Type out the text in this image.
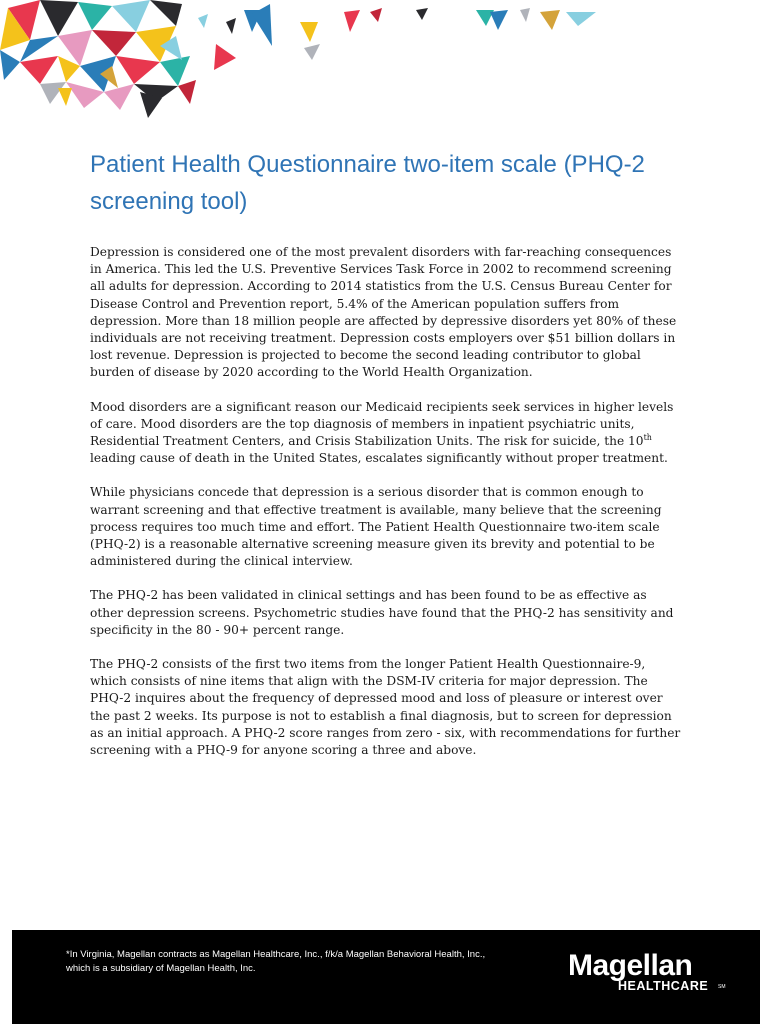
Patient Health Questionnaire two-item scale (PHQ-2 screening tool)

Depression is considered one of the most prevalent disorders with far-reaching consequences in America. This led the U.S. Preventive Services Task Force in 2002 to recommend screening all adults for depression. According to 2014 statistics from the U.S. Census Bureau Center for Disease Control and Prevention report, 5.4% of the American population suffers from depression. More than 18 million people are affected by depressive disorders yet 80% of these individuals are not receiving treatment. Depression costs employers over $51 billion dollars in lost revenue. Depression is projected to become the second leading contributor to global burden of disease by 2020 according to the World Health Organization.

Mood disorders are a significant reason our Medicaid recipients seek services in higher levels of care. Mood disorders are the top diagnosis of members in inpatient psychiatric units, Residential Treatment Centers, and Crisis Stabilization Units. The risk for suicide, the 10th leading cause of death in the United States, escalates significantly without proper treatment.

While physicians concede that depression is a serious disorder that is common enough to warrant screening and that effective treatment is available, many believe that the screening process requires too much time and effort. The Patient Health Questionnaire two-item scale (PHQ-2) is a reasonable alternative screening measure given its brevity and potential to be administered during the clinical interview.

The PHQ-2 has been validated in clinical settings and has been found to be as effective as other depression screens. Psychometric studies have found that the PHQ-2 has sensitivity and specificity in the 80 - 90+ percent range.

The PHQ-2 consists of the first two items from the longer Patient Health Questionnaire-9, which consists of nine items that align with the DSM-IV criteria for major depression. The PHQ-2 inquires about the frequency of depressed mood and loss of pleasure or interest over the past 2 weeks. Its purpose is not to establish a final diagnosis, but to screen for depression as an initial approach. A PHQ-2 score ranges from zero - six, with recommendations for further screening with a PHQ-9 for anyone scoring a three and above.

*In Virginia, Magellan contracts as Magellan Healthcare, Inc., f/k/a Magellan Behavioral Health, Inc.,
which is a subsidiary of Magellan Health, Inc.	Magellan
HEALTHCARE SM
